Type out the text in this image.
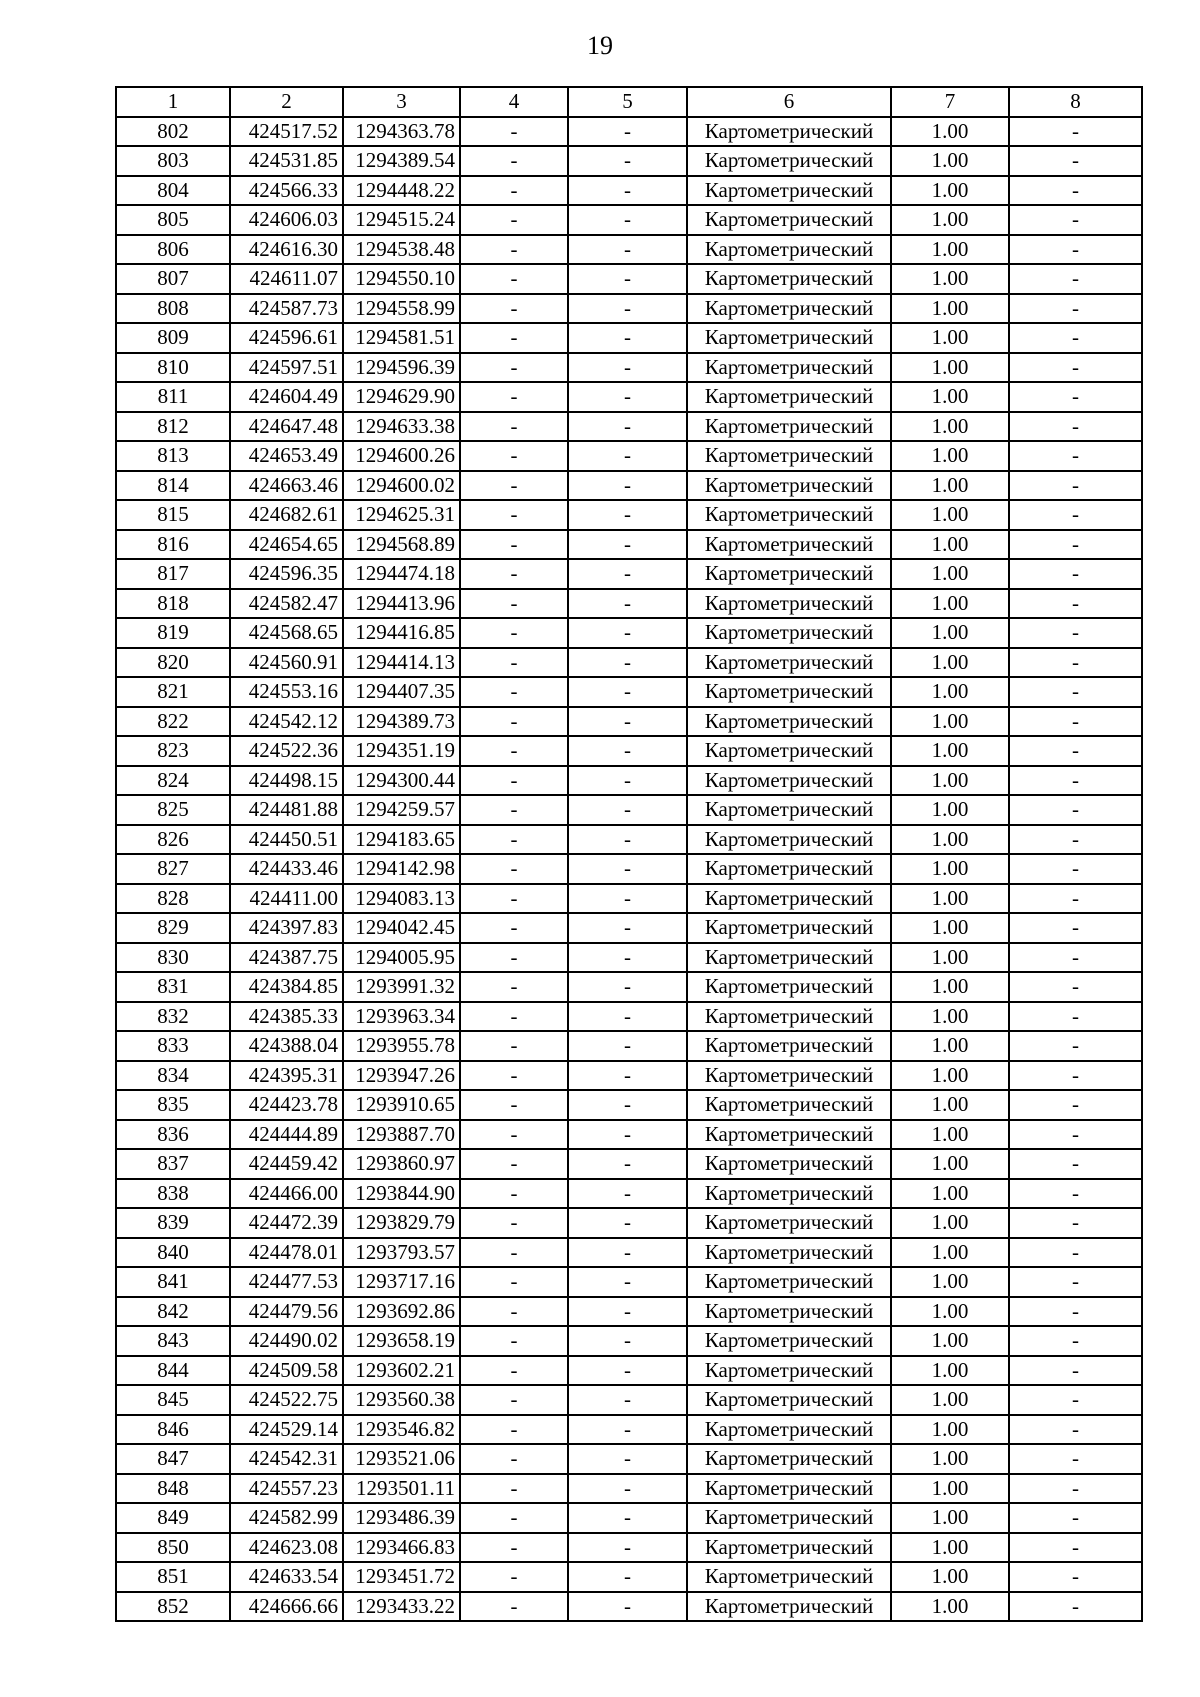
19
1	2	3	4	5	6	7	8
802	424517.52	1294363.78	-	-	Картометрический	1.00	-
803	424531.85	1294389.54	-	-	Картометрический	1.00	-
804	424566.33	1294448.22	-	-	Картометрический	1.00	-
805	424606.03	1294515.24	-	-	Картометрический	1.00	-
806	424616.30	1294538.48	-	-	Картометрический	1.00	-
807	424611.07	1294550.10	-	-	Картометрический	1.00	-
808	424587.73	1294558.99	-	-	Картометрический	1.00	-
809	424596.61	1294581.51	-	-	Картометрический	1.00	-
810	424597.51	1294596.39	-	-	Картометрический	1.00	-
811	424604.49	1294629.90	-	-	Картометрический	1.00	-
812	424647.48	1294633.38	-	-	Картометрический	1.00	-
813	424653.49	1294600.26	-	-	Картометрический	1.00	-
814	424663.46	1294600.02	-	-	Картометрический	1.00	-
815	424682.61	1294625.31	-	-	Картометрический	1.00	-
816	424654.65	1294568.89	-	-	Картометрический	1.00	-
817	424596.35	1294474.18	-	-	Картометрический	1.00	-
818	424582.47	1294413.96	-	-	Картометрический	1.00	-
819	424568.65	1294416.85	-	-	Картометрический	1.00	-
820	424560.91	1294414.13	-	-	Картометрический	1.00	-
821	424553.16	1294407.35	-	-	Картометрический	1.00	-
822	424542.12	1294389.73	-	-	Картометрический	1.00	-
823	424522.36	1294351.19	-	-	Картометрический	1.00	-
824	424498.15	1294300.44	-	-	Картометрический	1.00	-
825	424481.88	1294259.57	-	-	Картометрический	1.00	-
826	424450.51	1294183.65	-	-	Картометрический	1.00	-
827	424433.46	1294142.98	-	-	Картометрический	1.00	-
828	424411.00	1294083.13	-	-	Картометрический	1.00	-
829	424397.83	1294042.45	-	-	Картометрический	1.00	-
830	424387.75	1294005.95	-	-	Картометрический	1.00	-
831	424384.85	1293991.32	-	-	Картометрический	1.00	-
832	424385.33	1293963.34	-	-	Картометрический	1.00	-
833	424388.04	1293955.78	-	-	Картометрический	1.00	-
834	424395.31	1293947.26	-	-	Картометрический	1.00	-
835	424423.78	1293910.65	-	-	Картометрический	1.00	-
836	424444.89	1293887.70	-	-	Картометрический	1.00	-
837	424459.42	1293860.97	-	-	Картометрический	1.00	-
838	424466.00	1293844.90	-	-	Картометрический	1.00	-
839	424472.39	1293829.79	-	-	Картометрический	1.00	-
840	424478.01	1293793.57	-	-	Картометрический	1.00	-
841	424477.53	1293717.16	-	-	Картометрический	1.00	-
842	424479.56	1293692.86	-	-	Картометрический	1.00	-
843	424490.02	1293658.19	-	-	Картометрический	1.00	-
844	424509.58	1293602.21	-	-	Картометрический	1.00	-
845	424522.75	1293560.38	-	-	Картометрический	1.00	-
846	424529.14	1293546.82	-	-	Картометрический	1.00	-
847	424542.31	1293521.06	-	-	Картометрический	1.00	-
848	424557.23	1293501.11	-	-	Картометрический	1.00	-
849	424582.99	1293486.39	-	-	Картометрический	1.00	-
850	424623.08	1293466.83	-	-	Картометрический	1.00	-
851	424633.54	1293451.72	-	-	Картометрический	1.00	-
852	424666.66	1293433.22	-	-	Картометрический	1.00	-
